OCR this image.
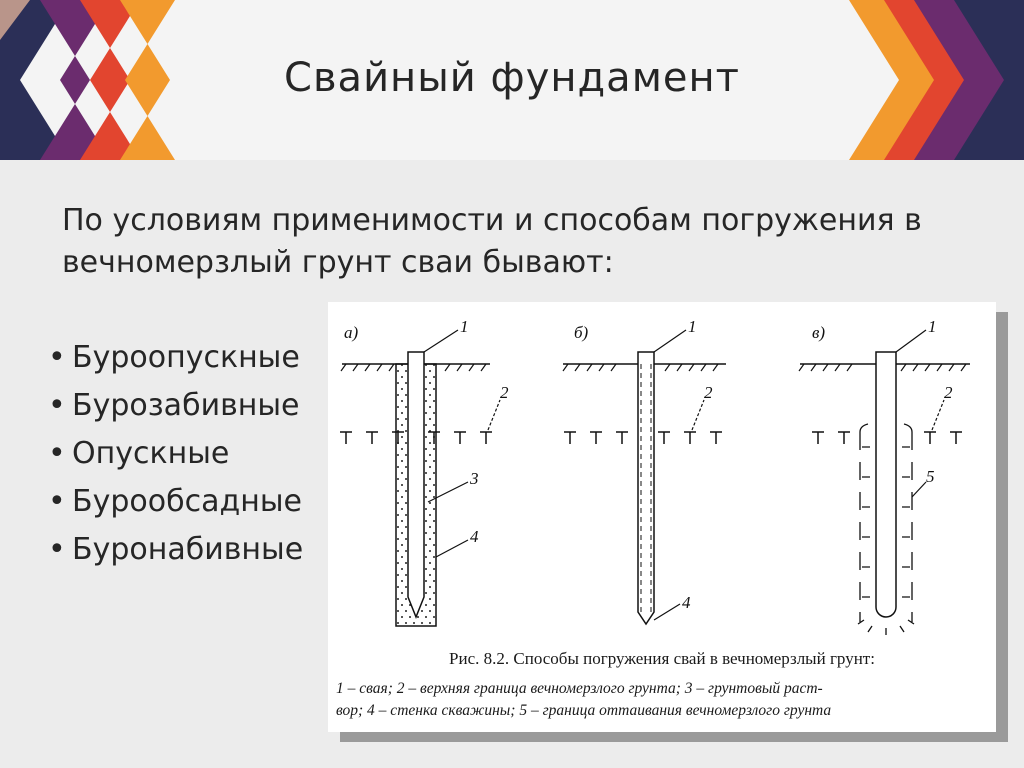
Свайный фундамент
По условиям применимости и способам погружения в вечномерзлый грунт сваи бывают:
• Буроопускные
• Бурозабивные
• Опускные
• Бурообсадные
• Буронабивные
а)	1
2
3
4
б)	1
2
4
в)	1
2
5
Рис. 8.2. Способы погружения свай в вечномерзлый грунт:
1 – свая; 2 – верхняя граница вечномерзлого грунта; 3 – грунтовый раст-
вор; 4 – стенка скважины; 5 – граница оттаивания вечномерзлого грунта
